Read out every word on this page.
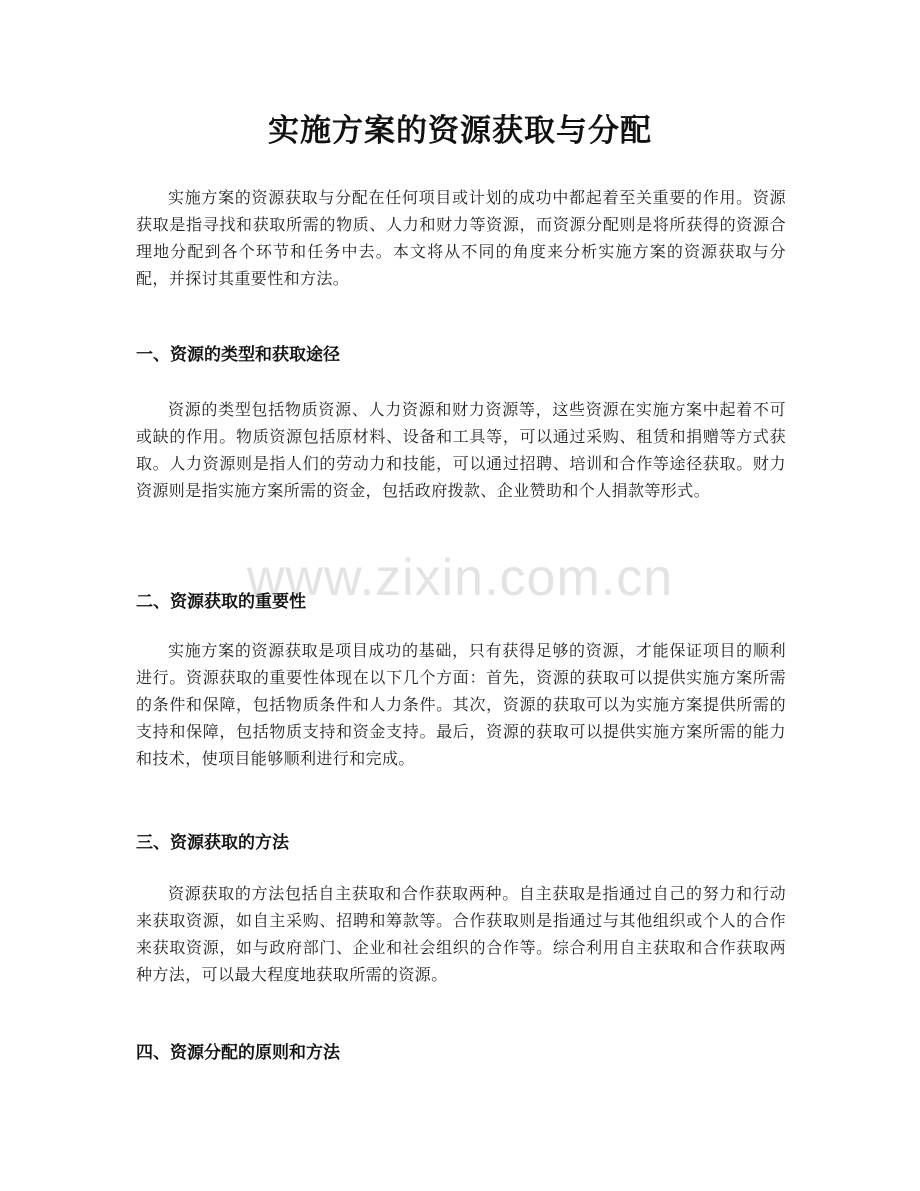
实施方案的资源获取与分配
实施方案的资源获取与分配在任何项目或计划的成功中都起着至关重要的作用。资源获取是指寻找和获取所需的物质、人力和财力等资源，而资源分配则是将所获得的资源合理地分配到各个环节和任务中去。本文将从不同的角度来分析实施方案的资源获取与分配，并探讨其重要性和方法。
一、资源的类型和获取途径
资源的类型包括物质资源、人力资源和财力资源等，这些资源在实施方案中起着不可或缺的作用。物质资源包括原材料、设备和工具等，可以通过采购、租赁和捐赠等方式获取。人力资源则是指人们的劳动力和技能，可以通过招聘、培训和合作等途径获取。财力资源则是指实施方案所需的资金，包括政府拨款、企业赞助和个人捐款等形式。
二、资源获取的重要性
实施方案的资源获取是项目成功的基础，只有获得足够的资源，才能保证项目的顺利进行。资源获取的重要性体现在以下几个方面：首先，资源的获取可以提供实施方案所需的条件和保障，包括物质条件和人力条件。其次，资源的获取可以为实施方案提供所需的支持和保障，包括物质支持和资金支持。最后，资源的获取可以提供实施方案所需的能力和技术，使项目能够顺利进行和完成。
三、资源获取的方法
资源获取的方法包括自主获取和合作获取两种。自主获取是指通过自己的努力和行动来获取资源，如自主采购、招聘和筹款等。合作获取则是指通过与其他组织或个人的合作来获取资源，如与政府部门、企业和社会组织的合作等。综合利用自主获取和合作获取两种方法，可以最大程度地获取所需的资源。
四、资源分配的原则和方法
www.zixin.com.cn
